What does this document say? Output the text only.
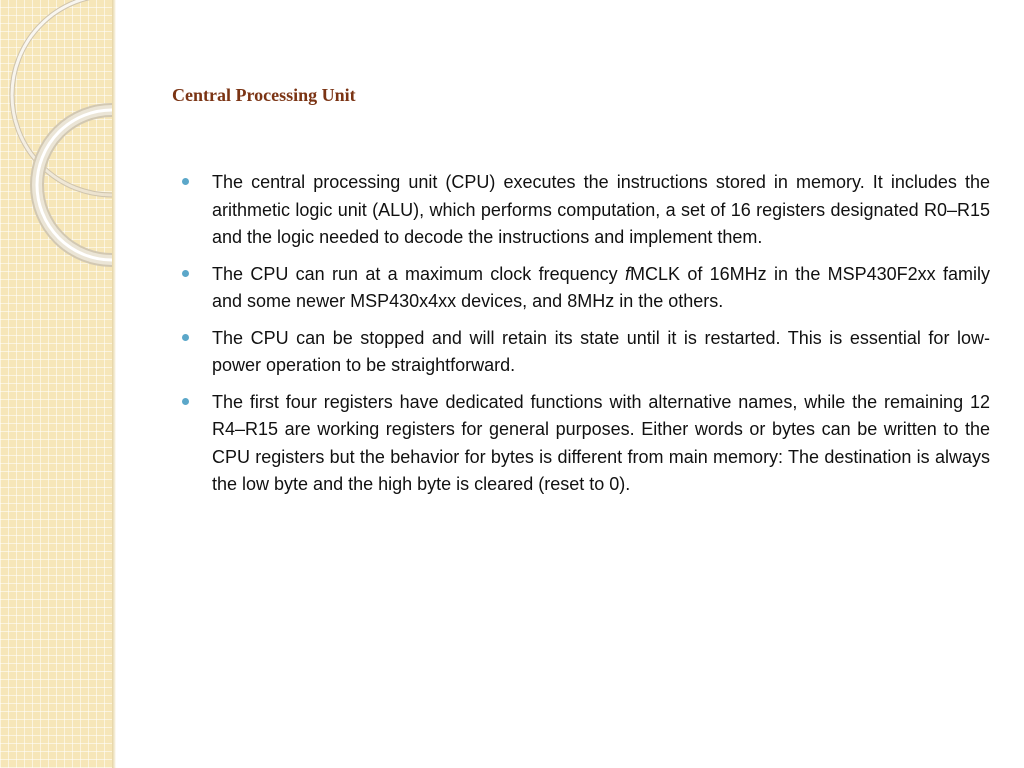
Central Processing Unit
The central processing unit (CPU) executes the instructions stored in memory. It includes the arithmetic logic unit (ALU), which performs computation, a set of 16 registers designated R0–R15 and the logic needed to decode the instructions and implement them.
The CPU can run at a maximum clock frequency fMCLK of 16MHz in the MSP430F2xx family and some newer MSP430x4xx devices, and 8MHz in the others.
The CPU can be stopped and will retain its state until it is restarted. This is essential for low-power operation to be straightforward.
The first four registers have dedicated functions with alternative names, while the remaining 12 R4–R15 are working registers for general purposes. Either words or bytes can be written to the CPU registers but the behavior for bytes is different from main memory: The destination is always the low byte and the high byte is cleared (reset to 0).
